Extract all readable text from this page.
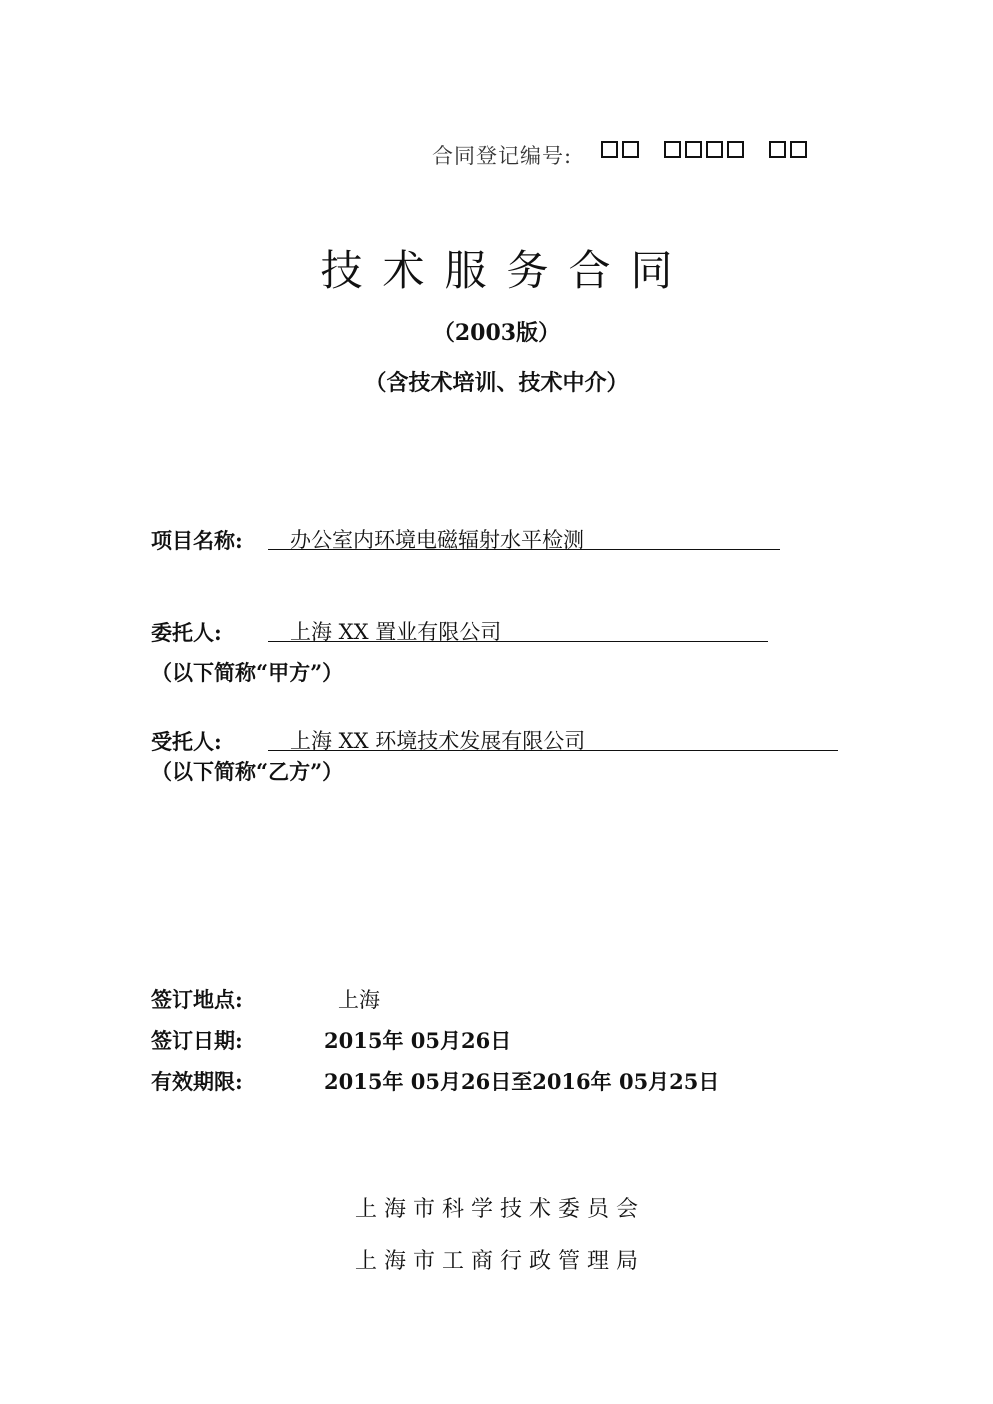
合同登记编号:
技术服务合同
（2003版）
（含技术培训、技术中介）
项目名称: 办公室内环境电磁辐射水平检测
委托人:	上海 XX 置业有限公司
（以下简称“甲方”）
受托人:	上海 XX 环境技术发展有限公司
（以下简称“乙方”）
签订地点:	上海
签订日期:	2015年 05月26日
有效期限:	2015年 05月26日至2016年 05月25日
上海市科学技术委员会
上海市工商行政管理局
